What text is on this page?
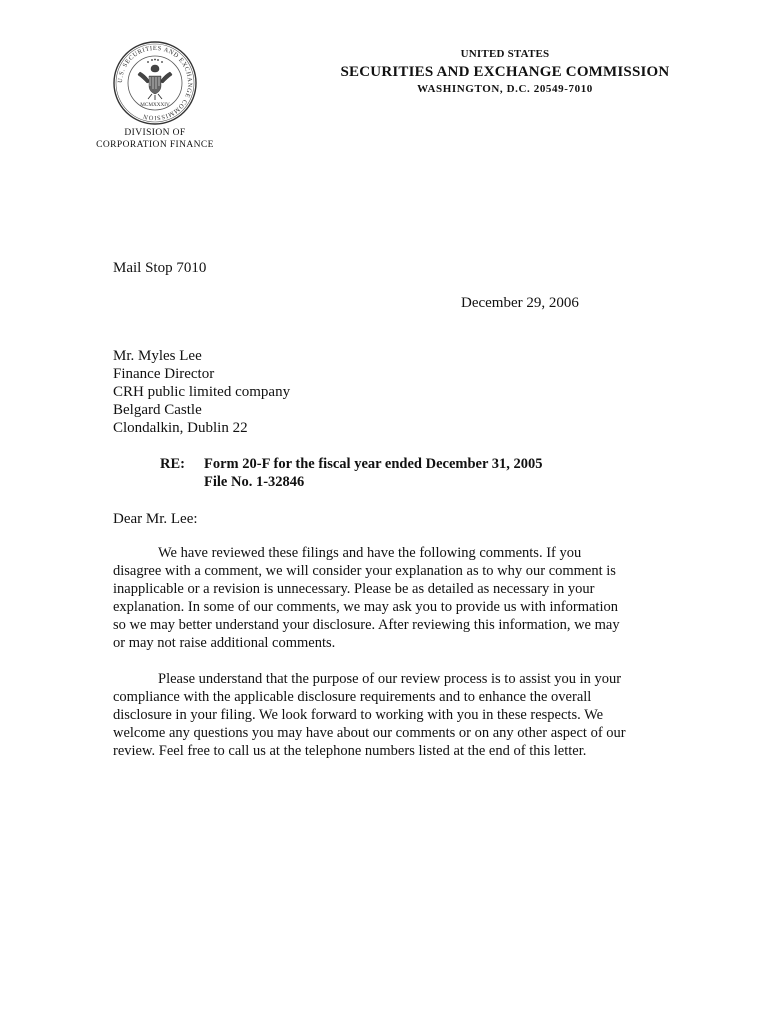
U.S. SECURITIES AND EXCHANGE COMMISSION
MCMXXXIV
UNITED STATES
SECURITIES AND EXCHANGE COMMISSION
WASHINGTON, D.C. 20549-7010
DIVISION OF
CORPORATION FINANCE
Mail Stop 7010
December 29, 2006
Mr. Myles Lee
Finance Director
CRH public limited company
Belgard Castle
Clondalkin, Dublin 22
RE: Form 20-F for the fiscal year ended December 31, 2005
File No. 1-32846
Dear Mr. Lee:
We have reviewed these filings and have the following comments. If you
disagree with a comment, we will consider your explanation as to why our comment is
inapplicable or a revision is unnecessary. Please be as detailed as necessary in your
explanation. In some of our comments, we may ask you to provide us with information
so we may better understand your disclosure. After reviewing this information, we may
or may not raise additional comments.
Please understand that the purpose of our review process is to assist you in your
compliance with the applicable disclosure requirements and to enhance the overall
disclosure in your filing. We look forward to working with you in these respects. We
welcome any questions you may have about our comments or on any other aspect of our
review. Feel free to call us at the telephone numbers listed at the end of this letter.
